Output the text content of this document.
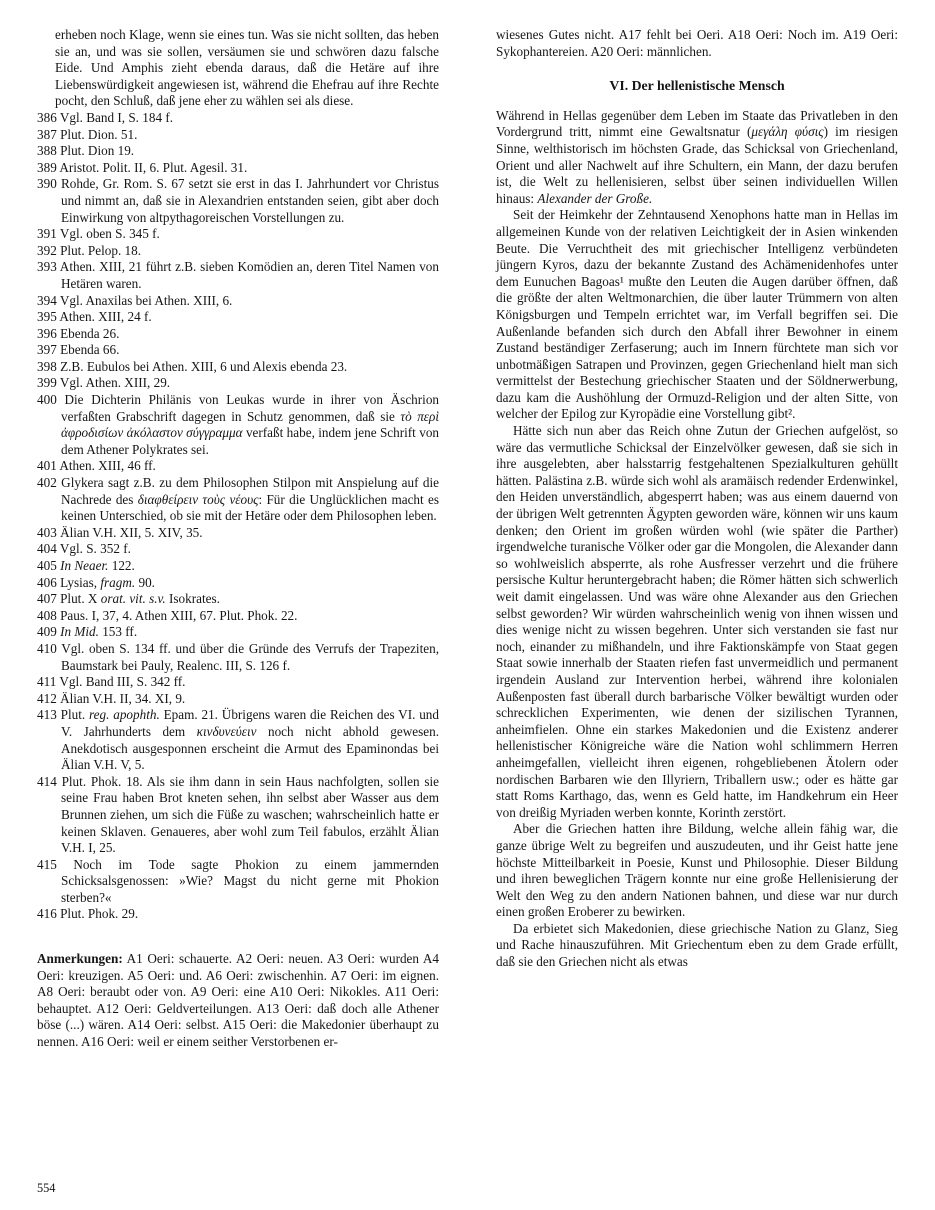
erheben noch Klage, wenn sie eines tun. Was sie nicht sollten, das heben sie an, und was sie sollen, versäumen sie und schwören dazu falsche Eide. Und Amphis zieht ebenda daraus, daß die Hetäre auf ihre Liebenswürdigkeit angewiesen ist, während die Ehefrau auf ihre Rechte pocht, den Schluß, daß jene eher zu wählen sei als diese.

386 Vgl. Band I, S. 184 f.

387 Plut. Dion. 51.

388 Plut. Dion 19.

389 Aristot. Polit. II, 6. Plut. Agesil. 31.

390 Rohde, Gr. Rom. S. 67 setzt sie erst in das I. Jahrhundert vor Christus und nimmt an, daß sie in Alexandrien entstanden seien, gibt aber doch Einwirkung von altpythagoreischen Vorstellungen zu.

391 Vgl. oben S. 345 f.

392 Plut. Pelop. 18.

393 Athen. XIII, 21 führt z.B. sieben Komödien an, deren Titel Namen von Hetären waren.

394 Vgl. Anaxilas bei Athen. XIII, 6.

395 Athen. XIII, 24 f.

396 Ebenda 26.

397 Ebenda 66.

398 Z.B. Eubulos bei Athen. XIII, 6 und Alexis ebenda 23.

399 Vgl. Athen. XIII, 29.

400 Die Dichterin Philänis von Leukas wurde in ihrer von Äschrion verfaßten Grabschrift dagegen in Schutz genommen, daß sie τὸ περὶ ἀφροδισίων ἀκόλαστον σύγγραμμα verfaßt habe, indem jene Schrift von dem Athener Polykrates sei.

401 Athen. XIII, 46 ff.

402 Glykera sagt z.B. zu dem Philosophen Stilpon mit Anspielung auf die Nachrede des διαφθείρειν τοὺς νέους: Für die Unglücklichen macht es keinen Unterschied, ob sie mit der Hetäre oder dem Philosophen leben.

403 Älian V.H. XII, 5. XIV, 35.

404 Vgl. S. 352 f.

405 In Neaer. 122.

406 Lysias, fragm. 90.

407 Plut. X orat. vit. s.v. Isokrates.

408 Paus. I, 37, 4. Athen XIII, 67. Plut. Phok. 22.

409 In Mid. 153 ff.

410 Vgl. oben S. 134 ff. und über die Gründe des Verrufs der Trapeziten, Baumstark bei Pauly, Realenc. III, S. 126 f.

411 Vgl. Band III, S. 342 ff.

412 Älian V.H. II, 34. XI, 9.

413 Plut. reg. apophth. Epam. 21. Übrigens waren die Reichen des VI. und V. Jahrhunderts dem κινδυνεύειν noch nicht abhold gewesen. Anekdotisch ausgesponnen erscheint die Armut des Epaminondas bei Älian V.H. V, 5.

414 Plut. Phok. 18. Als sie ihm dann in sein Haus nachfolgten, sollen sie seine Frau haben Brot kneten sehen, ihn selbst aber Wasser aus dem Brunnen ziehen, um sich die Füße zu waschen; wahrscheinlich hatte er keinen Sklaven. Genaueres, aber wohl zum Teil fabulos, erzählt Älian V.H. I, 25.

415 Noch im Tode sagte Phokion zu einem jammernden Schicksalsgenossen: »Wie? Magst du nicht gerne mit Phokion sterben?«

416 Plut. Phok. 29.

Anmerkungen: A1 Oeri: schauerte. A2 Oeri: neuen. A3 Oeri: wurden A4 Oeri: kreuzigen. A5 Oeri: und. A6 Oeri: zwischenhin. A7 Oeri: im eignen. A8 Oeri: beraubt oder von. A9 Oeri: eine A10 Oeri: Nikokles. A11 Oeri: behauptet. A12 Oeri: Geldverteilungen. A13 Oeri: daß doch alle Athener böse (...) wären. A14 Oeri: selbst. A15 Oeri: die Makedonier überhaupt zu nennen. A16 Oeri: weil er einem seither Verstorbenen er-

wiesenes Gutes nicht. A17 fehlt bei Oeri. A18 Oeri: Noch im. A19 Oeri: Sykophantereien. A20 Oeri: männlichen.

VI. Der hellenistische Mensch

Während in Hellas gegenüber dem Leben im Staate das Privatleben in den Vordergrund tritt, nimmt eine Gewaltsnatur (μεγάλη φύσις) im riesigen Sinne, welthistorisch im höchsten Grade, das Schicksal von Griechenland, Orient und aller Nachwelt auf ihre Schultern, ein Mann, der dazu berufen ist, die Welt zu hellenisieren, selbst über seinen individuellen Willen hinaus: Alexander der Große.

Seit der Heimkehr der Zehntausend Xenophons hatte man in Hellas im allgemeinen Kunde von der relativen Leichtigkeit der in Asien winkenden Beute. Die Verruchtheit des mit griechischer Intelligenz verbündeten jüngern Kyros, dazu der bekannte Zustand des Achämenidenhofes unter dem Eunuchen Bagoas¹ mußte den Leuten die Augen darüber öffnen, daß die größte der alten Weltmonarchien, die über lauter Trümmern von alten Königsburgen und Tempeln errichtet war, im Verfall begriffen sei. Die Außenlande befanden sich durch den Abfall ihrer Bewohner in einem Zustand beständiger Zerfaserung; auch im Innern fürchtete man sich vor unbotmäßigen Satrapen und Provinzen, gegen Griechenland hielt man sich vermittelst der Bestechung griechischer Staaten und der Söldnerwerbung, dazu kam die Aushöhlung der Ormuzd-Religion und der alten Sitte, von welcher der Epilog zur Kyropädie eine Vorstellung gibt².

Hätte sich nun aber das Reich ohne Zutun der Griechen aufgelöst, so wäre das vermutliche Schicksal der Einzelvölker gewesen, daß sie sich in ihre ausgelebten, aber halsstarrig festgehaltenen Spezialkulturen gehüllt hätten. Palästina z.B. würde sich wohl als aramäisch redender Erdenwinkel, den Heiden unverständlich, abgesperrt haben; was aus einem dauernd von der übrigen Welt getrennten Ägypten geworden wäre, können wir uns kaum denken; den Orient im großen würden wohl (wie später die Parther) irgendwelche turanische Völker oder gar die Mongolen, die Alexander dann so wohlweislich absperrte, als rohe Ausfresser verzehrt und die frühere persische Kultur heruntergebracht haben; die Römer hätten sich schwerlich weit damit eingelassen. Und was wäre ohne Alexander aus den Griechen selbst geworden? Wir würden wahrscheinlich wenig von ihnen wissen und dies wenige nicht zu wissen begehren. Unter sich verstanden sie fast nur noch, einander zu mißhandeln, und ihre Faktionskämpfe von Staat gegen Staat sowie innerhalb der Staaten riefen fast unvermeidlich und permanent irgendein Ausland zur Intervention herbei, während ihre kolonialen Außenposten fast überall durch barbarische Völker bewältigt wurden oder schrecklichen Experimenten, wie denen der sizilischen Tyrannen, anheimfielen. Ohne ein starkes Makedonien und die Existenz anderer hellenistischer Königreiche wäre die Nation wohl schlimmern Herren anheimgefallen, vielleicht ihren eigenen, rohgebliebenen Ätolern oder nordischen Barbaren wie den Illyriern, Triballern usw.; oder es hätte gar statt Roms Karthago, das, wenn es Geld hatte, im Handkehrum ein Heer von dreißig Myriaden werben konnte, Korinth zerstört.

Aber die Griechen hatten ihre Bildung, welche allein fähig war, die ganze übrige Welt zu begreifen und auszudeuten, und ihr Geist hatte jene höchste Mitteilbarkeit in Poesie, Kunst und Philosophie. Dieser Bildung und ihren beweglichen Trägern konnte nur eine große Hellenisierung der Welt den Weg zu den andern Nationen bahnen, und diese war nur durch einen großen Eroberer zu bewirken.

Da erbietet sich Makedonien, diese griechische Nation zu Glanz, Sieg und Rache hinauszuführen. Mit Griechentum eben zu dem Grade erfüllt, daß sie den Griechen nicht als etwas

554
